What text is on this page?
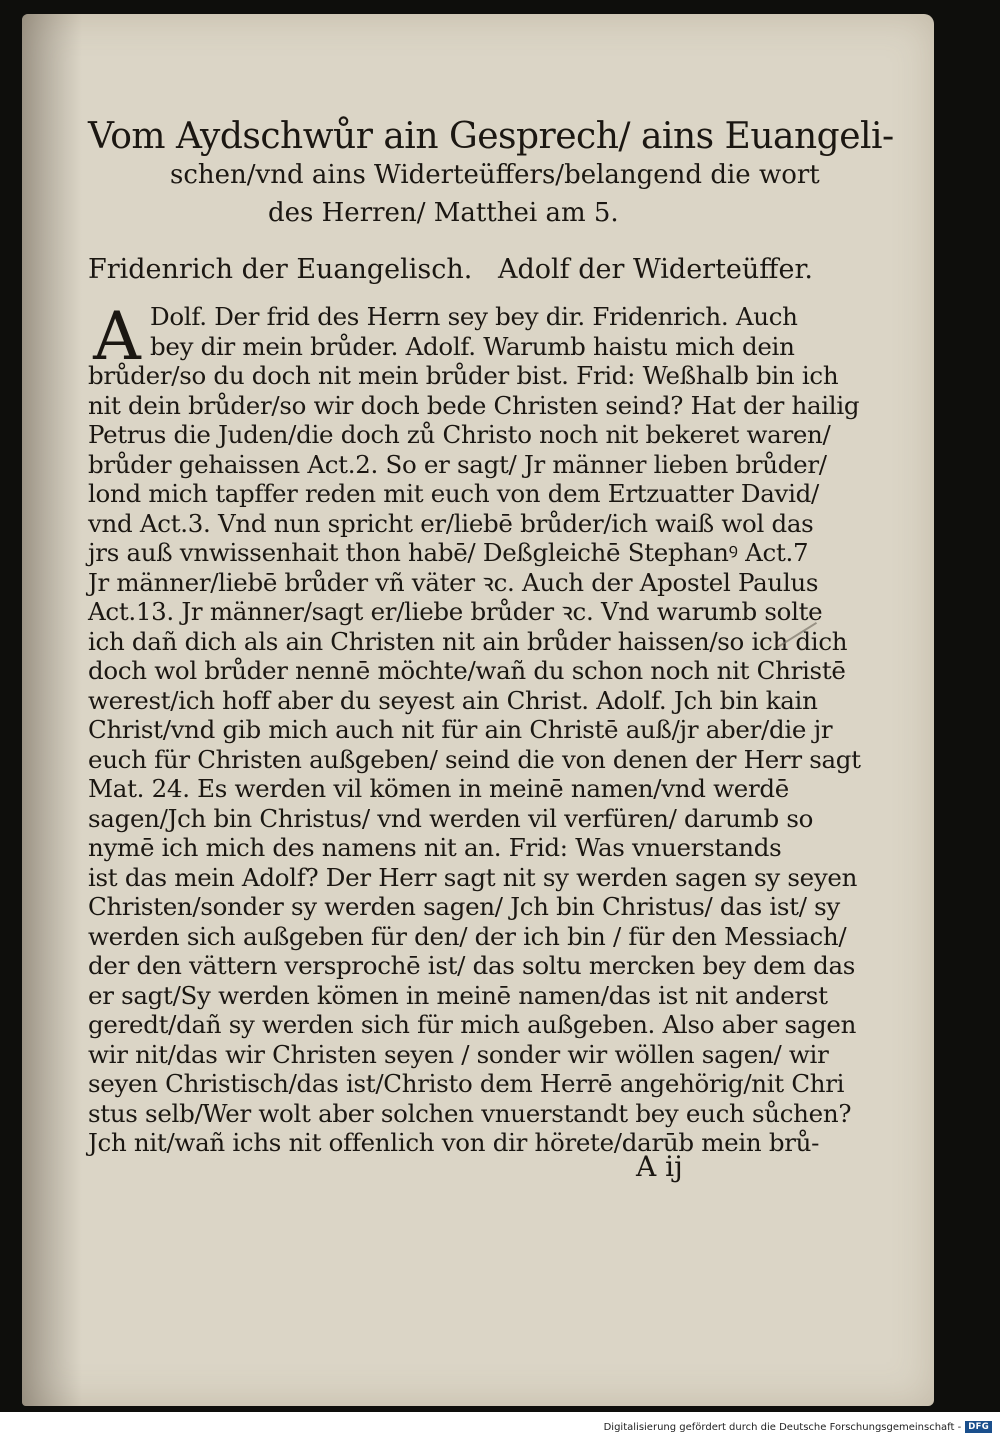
Vom Aydschwůr ain Gesprech/ ains Euangeli-
schen/vnd ains Widerteüffers/belangend die wort
des Herren/ Matthei am 5.
Fridenrich der Euangelisch. Adolf der Widerteüffer.
A Dolf. Der frid des Herrn sey bey dir. Fridenrich. Auch
bey dir mein brůder. Adolf. Warumb haistu mich dein
brůder/so du doch nit mein brůder bist. Frid: Weßhalb bin ich
nit dein brůder/so wir doch bede Christen seind? Hat der hailig
Petrus die Juden/die doch zů Christo noch nit bekeret waren/
brůder gehaissen Act.2. So er sagt/ Jr männer lieben brůder/
lond mich tapffer reden mit euch von dem Ertzuatter David/
vnd Act.3. Vnd nun spricht er/liebē brůder/ich waiß wol das
jrs auß vnwissenhait thon habē/ Deßgleichē Stephanꝰ Act.7
Jr männer/liebē brůder vñ väter ꝛc. Auch der Apostel Paulus
Act.13. Jr männer/sagt er/liebe brůder ꝛc. Vnd warumb solte
ich dañ dich als ain Christen nit ain brůder haissen/so ich dich
doch wol brůder nennē möchte/wañ du schon noch nit Christē
werest/ich hoff aber du seyest ain Christ. Adolf. Jch bin kain
Christ/vnd gib mich auch nit für ain Christē auß/jr aber/die jr
euch für Christen außgeben/ seind die von denen der Herr sagt
Mat. 24. Es werden vil kömen in meinē namen/vnd werdē
sagen/Jch bin Christus/ vnd werden vil verfüren/ darumb so
nymē ich mich des namens nit an. Frid: Was vnuerstands
ist das mein Adolf? Der Herr sagt nit sy werden sagen sy seyen
Christen/sonder sy werden sagen/ Jch bin Christus/ das ist/ sy
werden sich außgeben für den/ der ich bin / für den Messiach/
der den vättern versprochē ist/ das soltu mercken bey dem das
er sagt/Sy werden kömen in meinē namen/das ist nit anderst
geredt/dañ sy werden sich für mich außgeben. Also aber sagen
wir nit/das wir Christen seyen / sonder wir wöllen sagen/ wir
seyen Christisch/das ist/Christo dem Herrē angehörig/nit Chri
stus selb/Wer wolt aber solchen vnuerstandt bey euch sůchen?
Jch nit/wañ ichs nit offenlich von dir hörete/darūb mein brů-
A ij
Digitalisierung gefördert durch die Deutsche Forschungsgemeinschaft - DFG
